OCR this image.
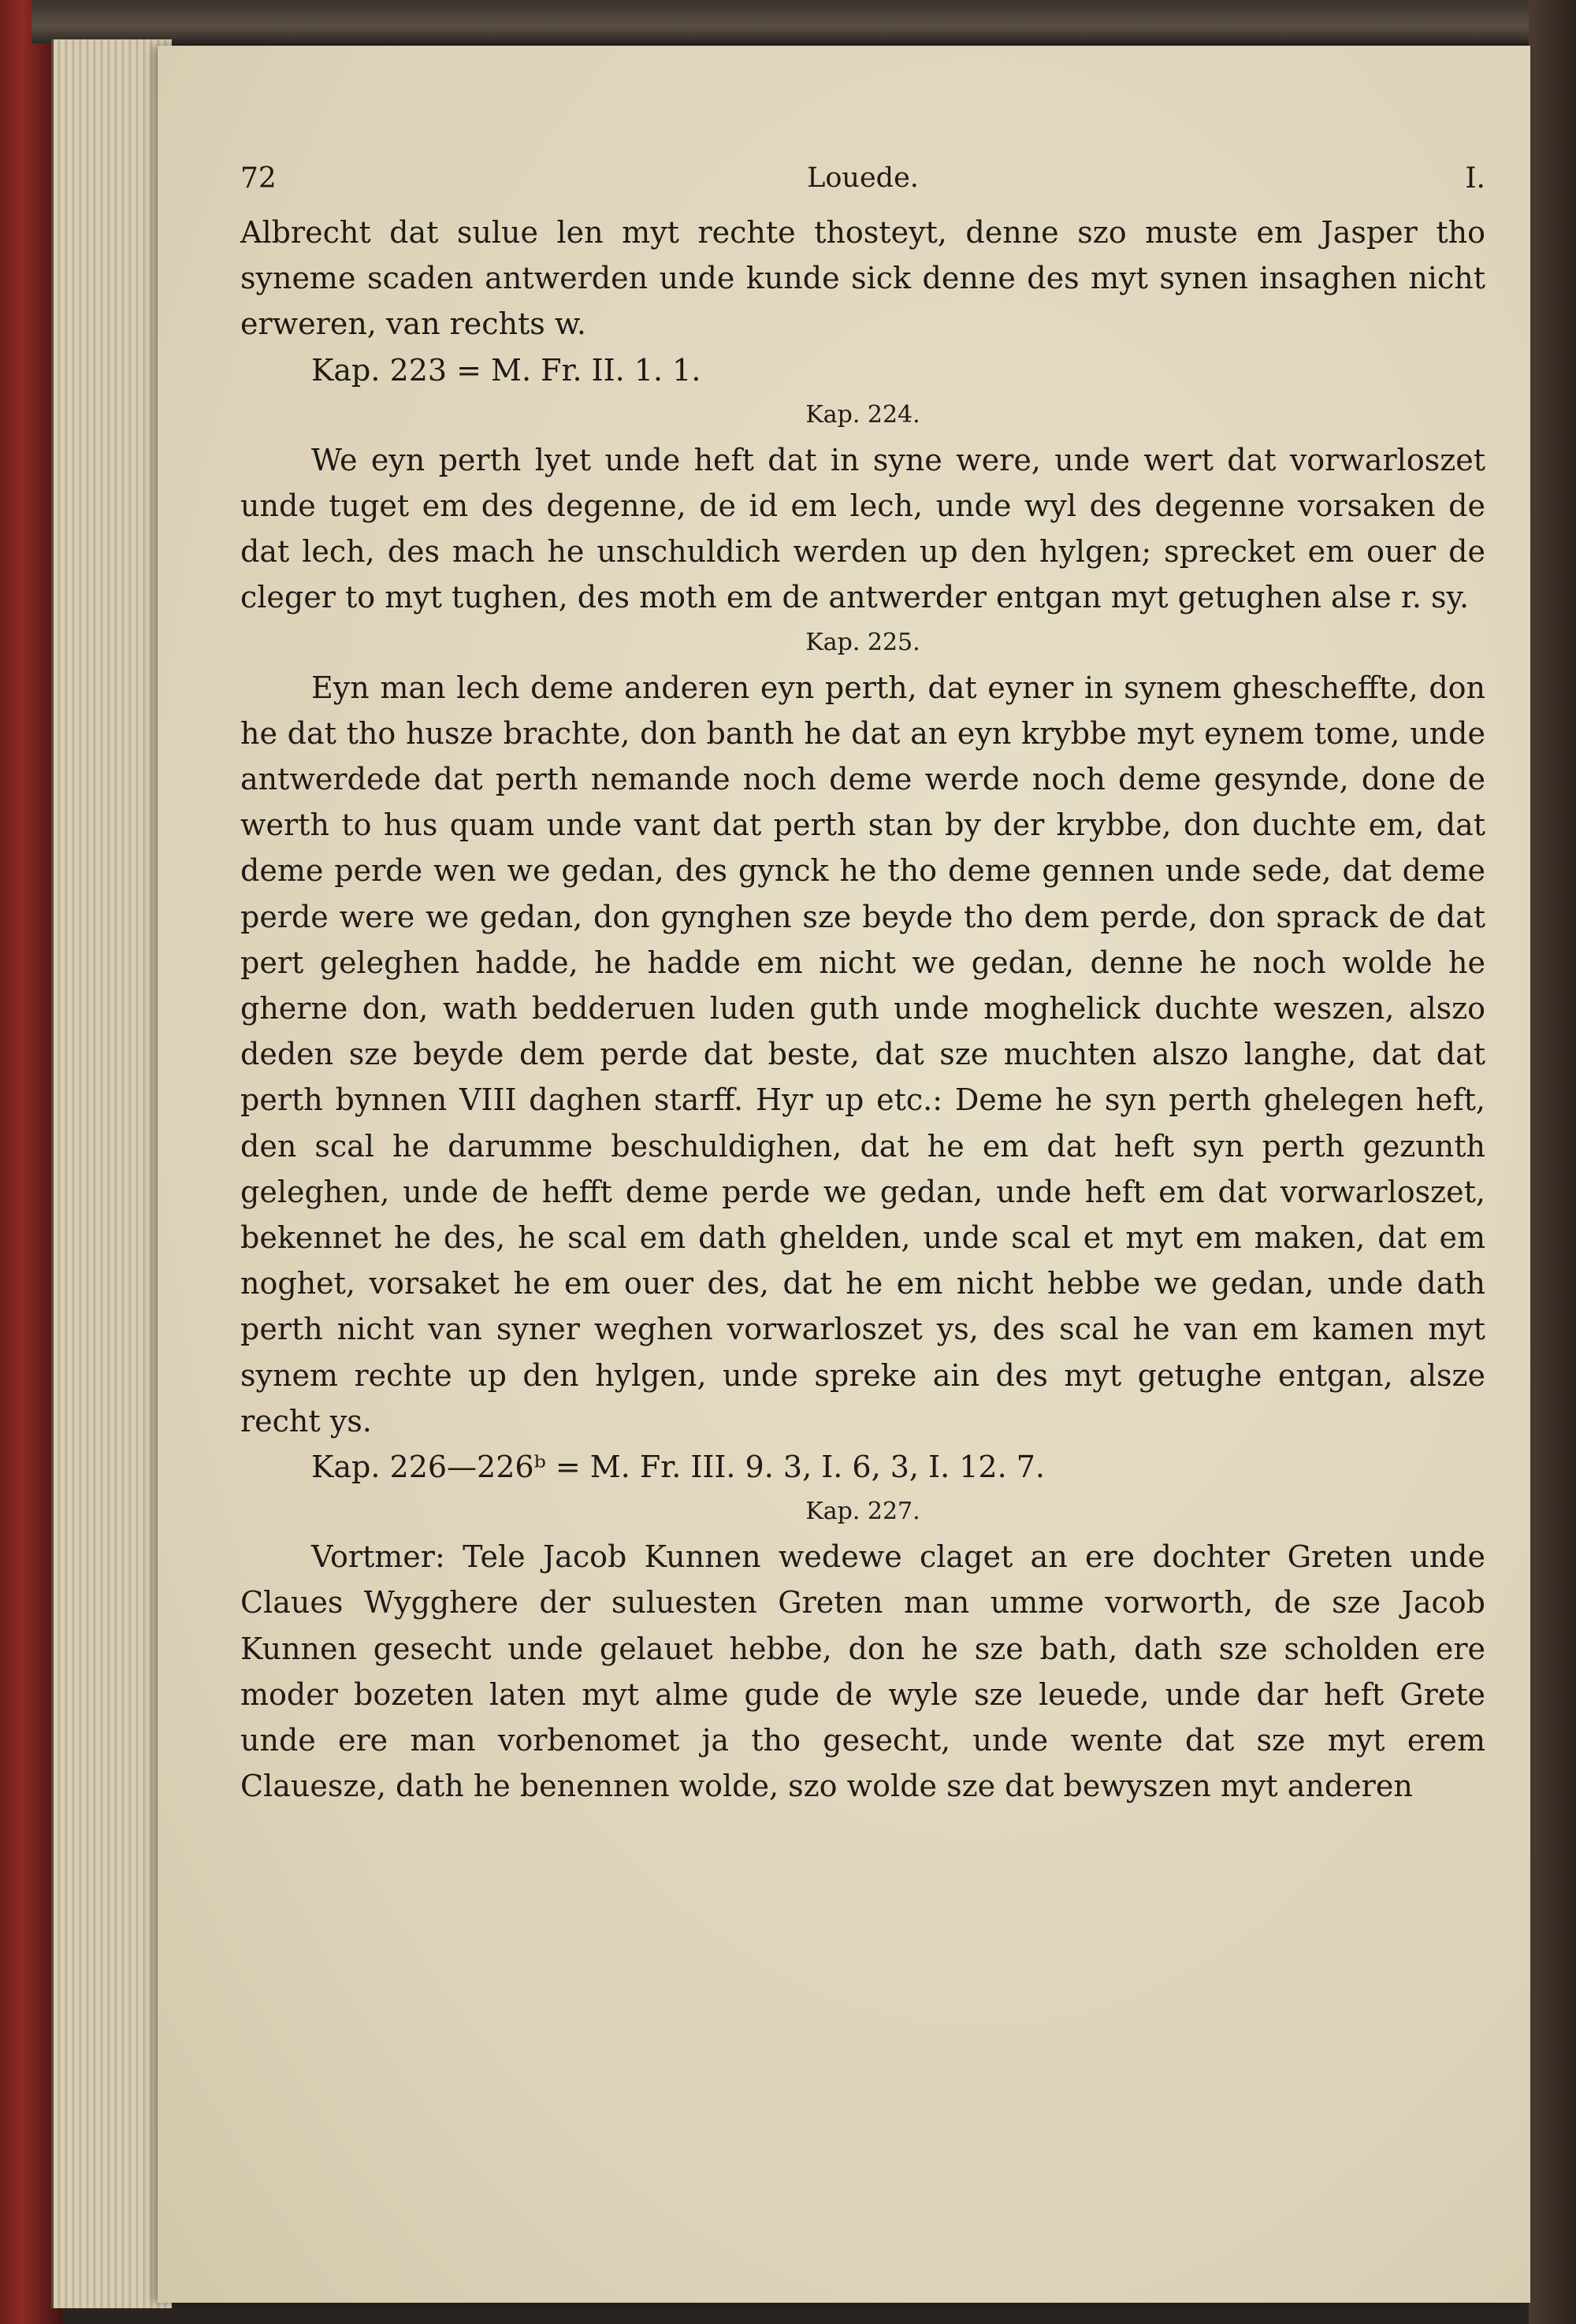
72	Louede.	I.

Albrecht dat sulue len myt rechte thosteyt, denne szo muste em Jasper tho syneme scaden antwerden unde kunde sick denne des myt synen insaghen nicht erweren, van rechts w.

Kap. 223 = M. Fr. II. 1. 1.

Kap. 224.

We eyn perth lyet unde heft dat in syne were, unde wert dat vorwarloszet unde tuget em des degenne, de id em lech, unde wyl des degenne vorsaken de dat lech, des mach he unschuldich werden up den hylgen; sprecket em ouer de cleger to myt tughen, des moth em de antwerder entgan myt getughen alse r. sy.

Kap. 225.

Eyn man lech deme anderen eyn perth, dat eyner in synem ghescheffte, don he dat tho husze brachte, don banth he dat an eyn krybbe myt eynem tome, unde antwerdede dat perth nemande noch deme werde noch deme gesynde, done de werth to hus quam unde vant dat perth stan by der krybbe, don duchte em, dat deme perde wen we gedan, des gynck he tho deme gennen unde sede, dat deme perde were we gedan, don gynghen sze beyde tho dem perde, don sprack de dat pert geleghen hadde, he hadde em nicht we gedan, denne he noch wolde he gherne don, wath bedderuen luden guth unde moghelick duchte weszen, alszo deden sze beyde dem perde dat beste, dat sze muchten alszo langhe, dat dat perth bynnen VIII daghen starff. Hyr up etc.: Deme he syn perth ghelegen heft, den scal he darumme beschuldighen, dat he em dat heft syn perth gezunth geleghen, unde de hefft deme perde we gedan, unde heft em dat vorwarloszet, bekennet he des, he scal em dath ghelden, unde scal et myt em maken, dat em noghet, vorsaket he em ouer des, dat he em nicht hebbe we gedan, unde dath perth nicht van syner weghen vorwarloszet ys, des scal he van em kamen myt synem rechte up den hylgen, unde spreke ain des myt getughe entgan, alsze recht ys.

Kap. 226—226ᵇ = M. Fr. III. 9. 3, I. 6, 3, I. 12. 7.

Kap. 227.

Vortmer: Tele Jacob Kunnen wedewe claget an ere dochter Greten unde Claues Wygghere der suluesten Greten man umme vorworth, de sze Jacob Kunnen gesecht unde gelauet hebbe, don he sze bath, dath sze scholden ere moder bozeten laten myt alme gude de wyle sze leuede, unde dar heft Grete unde ere man vorbenomet ja tho gesecht, unde wente dat sze myt erem Clauesze, dath he benennen wolde, szo wolde sze dat bewyszen myt anderen
